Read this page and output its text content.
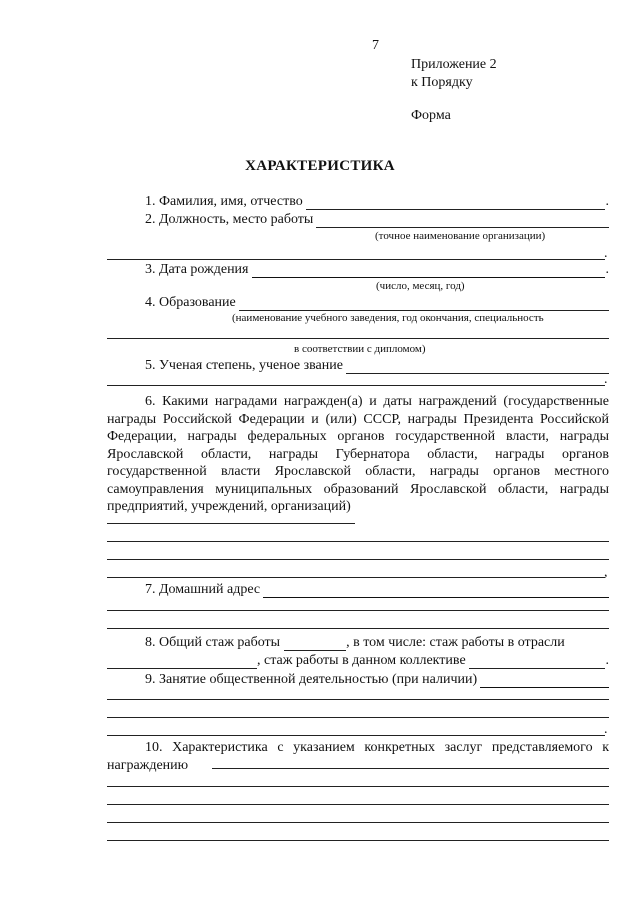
7
Приложение 2
к Порядку
Форма
ХАРАКТЕРИСТИКА
1. Фамилия, имя, отчество	.
2. Должность, место работы
(точное наименование организации)
.
3. Дата рождения	.
(число, месяц, год)
4. Образование
(наименование учебного заведения, год окончания, специальность
в соответствии с дипломом)
5. Ученая степень, ученое звание
.
6. Какими наградами награжден(а) и даты награждений (государственные награды Российской Федерации и (или) СССР, награды Президента Российской Федерации, награды федеральных органов государственной власти, награды Ярославской области, награды Губернатора области, награды органов государственной власти Ярославской области, награды органов местного самоуправления муниципальных образований Ярославской области, награды предприятий, учреждений, организаций)
,
7. Домашний адрес
8. Общий стаж работы	, в том числе: стаж работы в отрасли
, стаж работы в данном коллективе	.
9. Занятие общественной деятельностью (при наличии)
.
10. Характеристика с указанием конкретных заслуг представляемого к награждению
